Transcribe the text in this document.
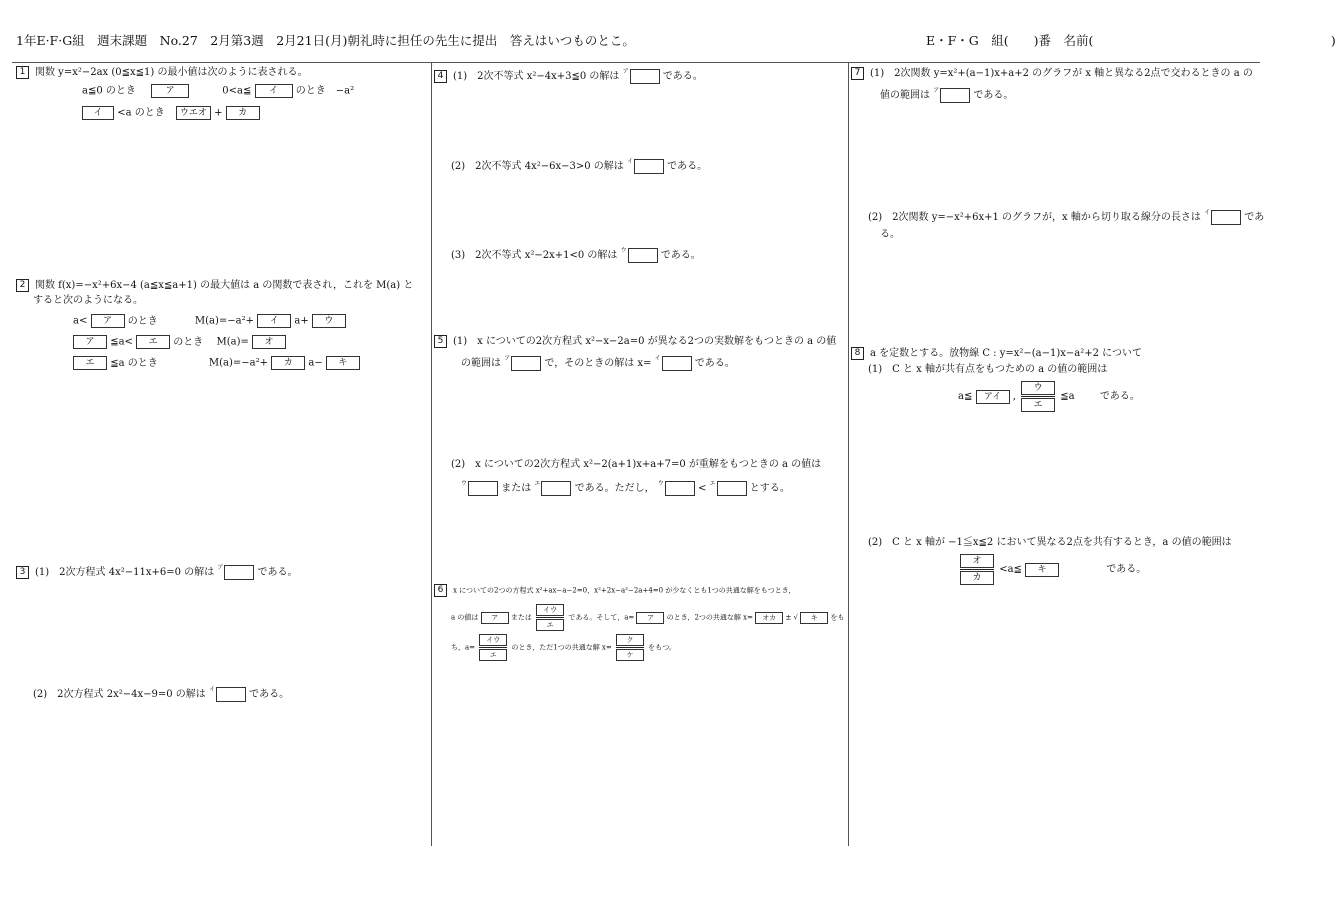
1年E·F·G組　週末課題　No.27　2月第3週　2月21日(月)朝礼時に担任の先生に提出　答えはいつものとこ。	E・F・G　組(　　)番　名前(　　　　　　　　　　　　　　　　　　　)
1 関数 y=x²−2ax (0≦x≦1) の最小値は次のように表される。
a≦0 のとき	ア	0<a≦ イ のとき　−a²
イ <a のとき ウエオ + カ
2 関数 f(x)=−x²+6x−4 (a≦x≦a+1) の最大値は a の関数で表され，これを M(a) と
すると次のようになる。
a< ア のとき	M(a)=−a²+ イ a+ ウ
ア ≦a< エ のとき M(a)= オ
エ ≦a のとき	M(a)=−a²+ カ a− キ
3 (1)　2次方程式 4x²−11x+6=0 の解は $^ア$	である。
(2)　2次方程式 2x²−4x−9=0 の解は $^イ$	である。
4 (1)　2次不等式 x²−4x+3≦0 の解は $^ア$	である。
(2)　2次不等式 4x²−6x−3>0 の解は $^イ$	である。
(3)　2次不等式 x²−2x+1<0 の解は $^ウ$	である。
5 (1)　x についての2次方程式 x²−x−2a=0 が異なる2つの実数解をもつときの a の値
の範囲は $^ア$	で，そのときの解は x= $^イ$	である。
(2)　x についての2次方程式 x²−2(a+1)x+a+7=0 が重解をもつときの a の値は
$^ウ$	または $^エ$	である。ただし， $^ウ$	< $^エ$	とする。
6 x についての2つの方程式 x²+ax−a−2=0，x²+2x−a²−2a+4=0 が少なくとも1つの共通な解をもつとき，
a の値は ア または $\frac{\text{イウ}}{\text{エ}}$ である。そして，a= ア のとき，2つの共通な解 x= オカ ± √ キ をも
ち，$a= \frac{\text{イウ}}{\text{エ}}$ のとき，ただ1つの共通な解 $x= \frac{\text{ク}}{\text{ケ}}$ をもつ。
7 (1)　2次関数 y=x²+(a−1)x+a+2 のグラフが x 軸と異なる2点で交わるときの a の
値の範囲は $^ア$	である。
(2)　2次関数 y=−x²+6x+1 のグラフが，x 軸から切り取る線分の長さは $^イ$	であ
る。
8 a を定数とする。放物線 C : y=x²−(a−1)x−a²+2 について
(1)　C と x 軸が共有点をもつための a の値の範囲は
a≦ アイ , $\frac{\text{ウ}}{\text{エ}}$ ≦a	である。
(2)　C と x 軸が −1≦x≦2 において異なる2点を共有するとき，a の値の範囲は
$\frac{\text{オ}}{\text{カ}}$ <a≦ キ	である。
